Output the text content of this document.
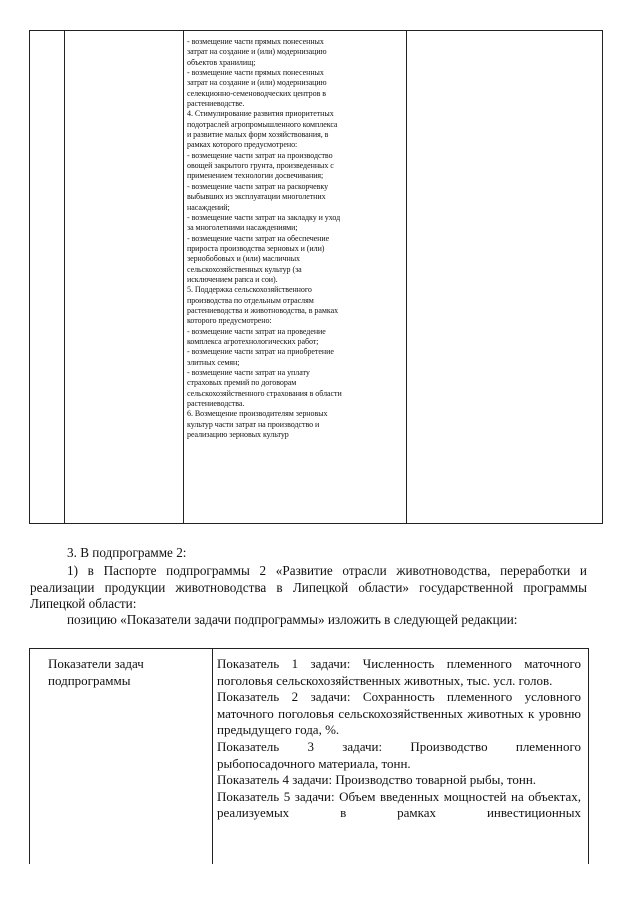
- возмещение части прямых понесенных
затрат на создание и (или) модернизацию
объектов хранилищ;
- возмещение части прямых понесенных
затрат на создание и (или) модернизацию
селекционно-семеноводческих центров в
растениеводстве.
4. Стимулирование развития приоритетных
подотраслей агропромышленного комплекса
и развитие малых форм хозяйствования, в
рамках которого предусмотрено:
- возмещение части затрат на производство
овощей закрытого грунта, произведенных с
применением технологии досвечивания;
- возмещение части затрат на раскорчевку
выбывших из эксплуатации многолетних
насаждений;
- возмещение части затрат на закладку и уход
за многолетними насаждениями;
- возмещение части затрат на обеспечение
прироста производства зерновых и (или)
зернобобовых и (или) масличных
сельскохозяйственных культур (за
исключением рапса и сои).
5. Поддержка сельскохозяйственного
производства по отдельным отраслям
растениеводства и животноводства, в рамках
которого предусмотрено:
- возмещение части затрат на проведение
комплекса агротехнологических работ;
- возмещение части затрат на приобретение
элитных семян;
- возмещение части затрат на уплату
страховых премий по договорам
сельскохозяйственного страхования в области
растениеводства.
6. Возмещение производителям зерновых
культур части затрат на производство и
реализацию зерновых культур
3. В подпрограмме 2:
1) в Паспорте подпрограммы 2 «Развитие отрасли животноводства, переработки и реализации продукции животноводства в Липецкой области» государственной программы Липецкой области:
позицию «Показатели задачи подпрограммы» изложить в следующей редакции:
Показатели задач подпрограммы

Показатель 1 задачи: Численность племенного маточного поголовья сельскохозяйственных животных, тыс. усл. голов.

Показатель 2 задачи: Сохранность племенного условного маточного поголовья сельскохозяйственных животных к уровню предыдущего года, %.

Показатель 3 задачи: Производство племенного рыбопосадочного материала, тонн.

Показатель 4 задачи: Производство товарной рыбы, тонн.

Показатель 5 задачи: Объем введенных мощностей на объектах, реализуемых в рамках инвестиционных
